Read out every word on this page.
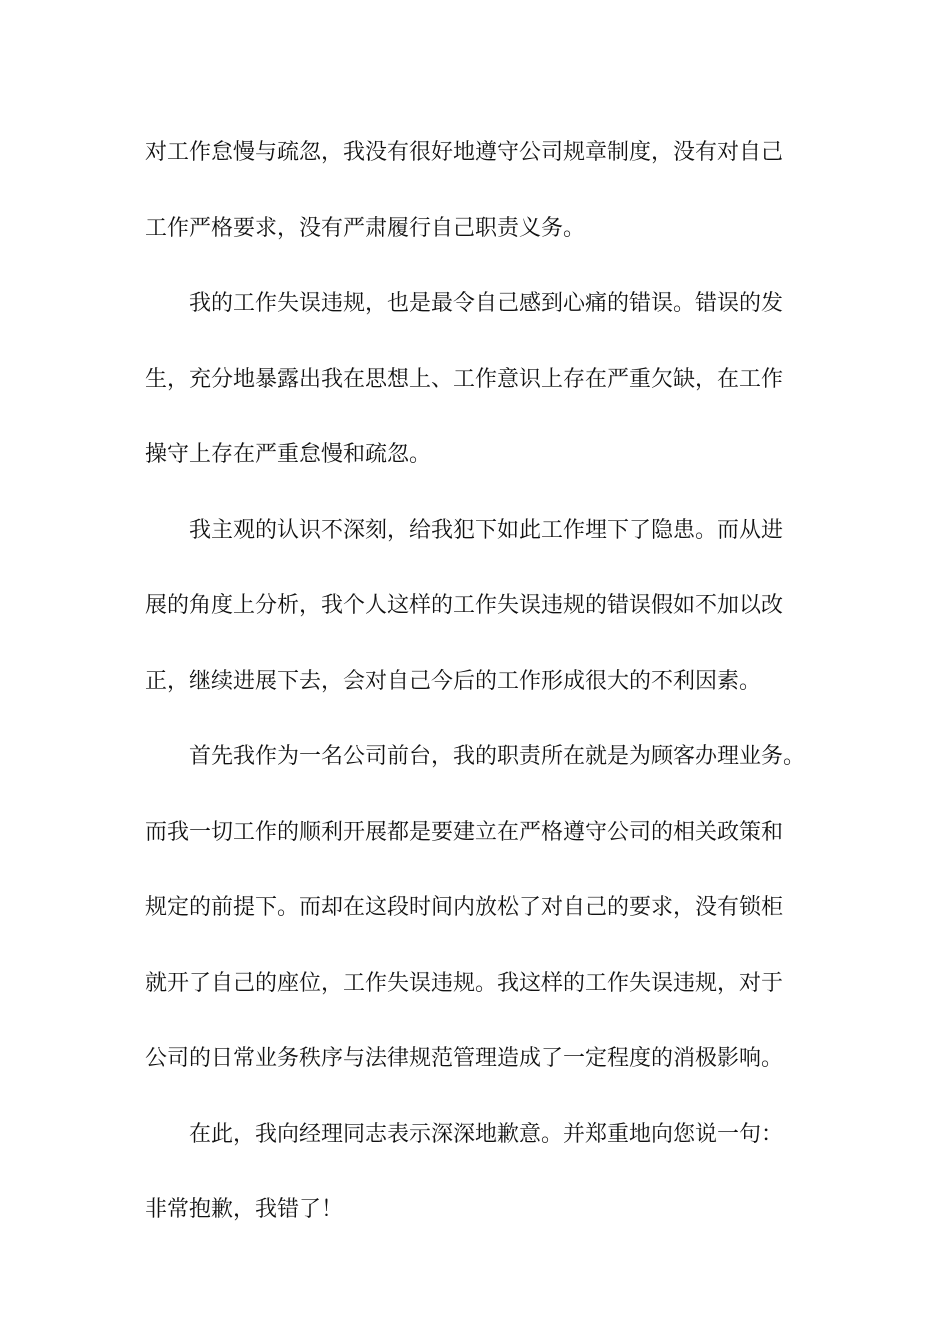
对工作怠慢与疏忽，我没有很好地遵守公司规章制度，没有对自己
工作严格要求，没有严肃履行自己职责义务。
我的工作失误违规，也是最令自己感到心痛的错误。错误的发
生，充分地暴露出我在思想上、工作意识上存在严重欠缺，在工作
操守上存在严重怠慢和疏忽。
我主观的认识不深刻，给我犯下如此工作埋下了隐患。而从进
展的角度上分析，我个人这样的工作失误违规的错误假如不加以改
正，继续进展下去，会对自己今后的工作形成很大的不利因素。
首先我作为一名公司前台，我的职责所在就是为顾客办理业务。
而我一切工作的顺利开展都是要建立在严格遵守公司的相关政策和
规定的前提下。而却在这段时间内放松了对自己的要求，没有锁柜
就开了自己的座位，工作失误违规。我这样的工作失误违规，对于
公司的日常业务秩序与法律规范管理造成了一定程度的消极影响。
在此，我向经理同志表示深深地歉意。并郑重地向您说一句：
非常抱歉，我错了！
